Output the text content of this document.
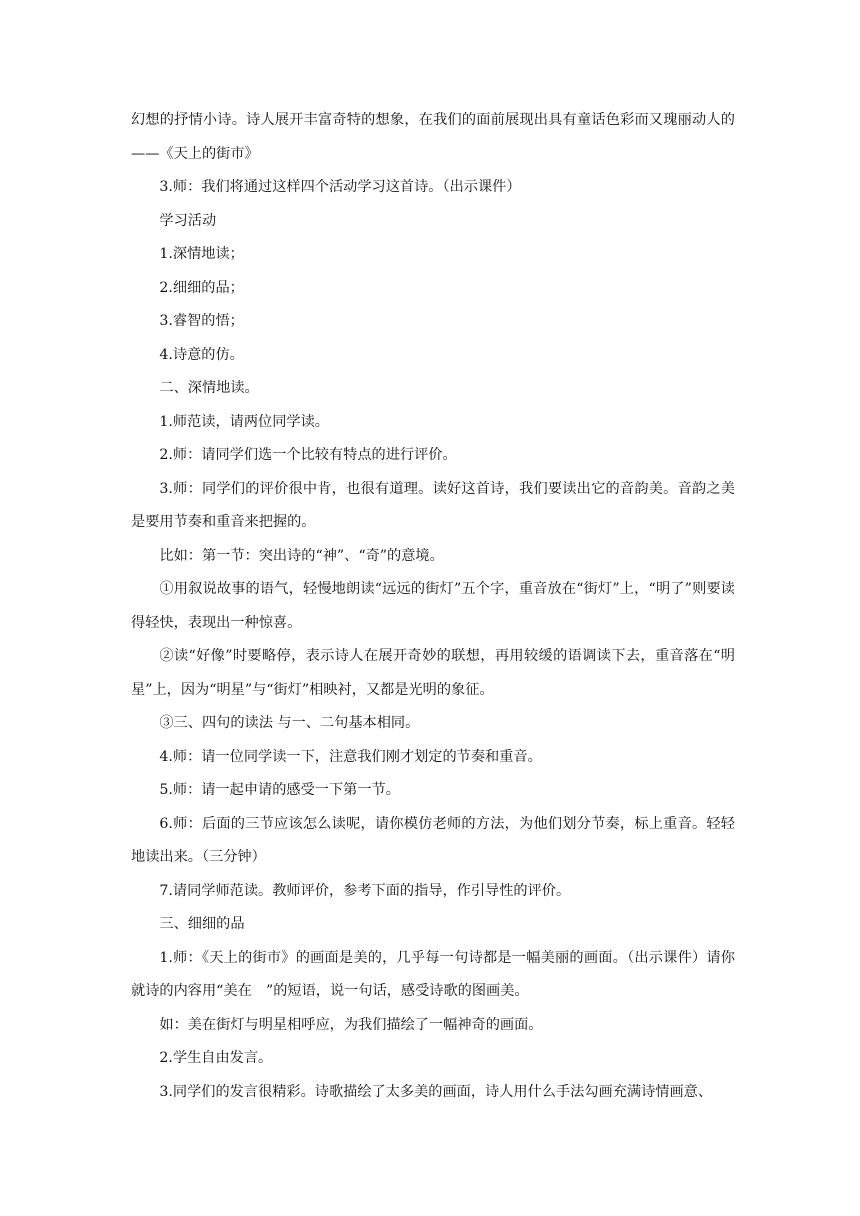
幻想的抒情小诗。诗人展开丰富奇特的想象，在我们的面前展现出具有童话色彩而又瑰丽动人的——《天上的街市》

3.师：我们将通过这样四个活动学习这首诗。（出示课件）

学习活动

1.深情地读；

2.细细的品；

3.睿智的悟；

4.诗意的仿。

二、深情地读。

1.师范读，请两位同学读。

2.师：请同学们选一个比较有特点的进行评价。

3.师：同学们的评价很中肯，也很有道理。读好这首诗，我们要读出它的音韵美。音韵之美是要用节奏和重音来把握的。

比如：第一节：突出诗的“神”、“奇”的意境。

①用叙说故事的语气，轻慢地朗读“远远的街灯”五个字，重音放在“街灯”上，“明了”则要读得轻快，表现出一种惊喜。

②读“好像”时要略停，表示诗人在展开奇妙的联想，再用较缓的语调读下去，重音落在“明星”上，因为“明星”与“街灯”相映衬，又都是光明的象征。

③三、四句的读法 与一、二句基本相同。

4.师：请一位同学读一下，注意我们刚才划定的节奏和重音。

5.师：请一起申请的感受一下第一节。

6.师：后面的三节应该怎么读呢，请你模仿老师的方法，为他们划分节奏，标上重音。轻轻地读出来。（三分钟）

7.请同学师范读。教师评价，参考下面的指导，作引导性的评价。

三、细细的品

1.师：《天上的街市》的画面是美的，几乎每一句诗都是一幅美丽的画面。（出示课件）请你就诗的内容用“美在　”的短语，说一句话，感受诗歌的图画美。

如：美在街灯与明星相呼应，为我们描绘了一幅神奇的画面。

2.学生自由发言。

3.同学们的发言很精彩。诗歌描绘了太多美的画面，诗人用什么手法勾画充满诗情画意、
